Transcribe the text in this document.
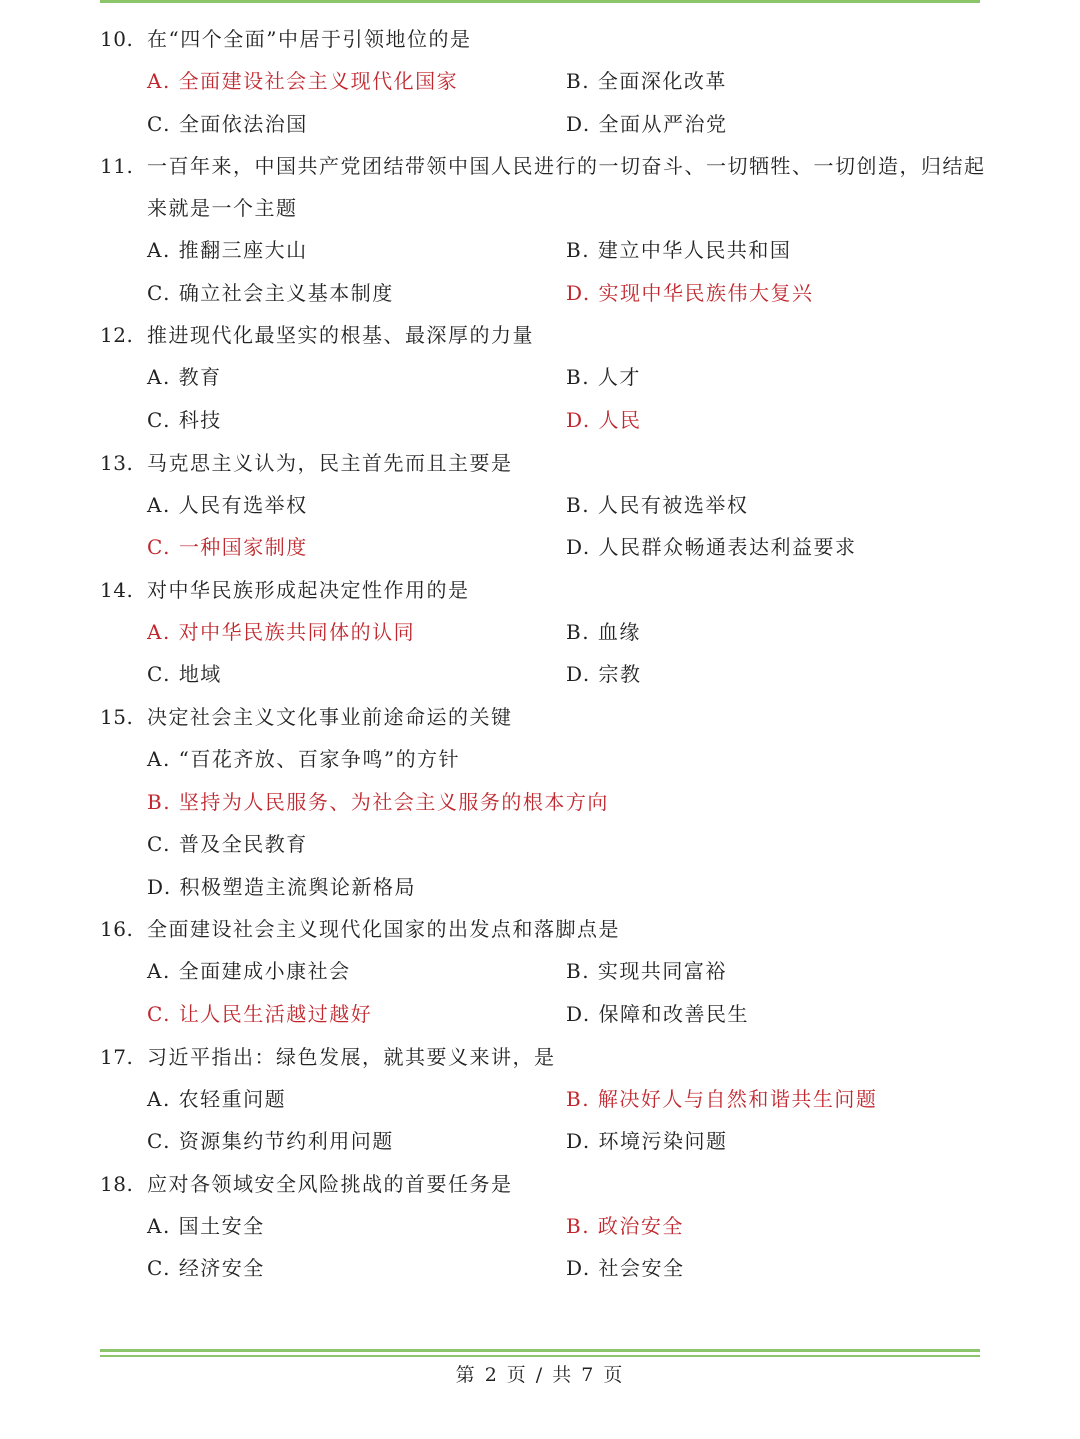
10. 在“四个全面”中居于引领地位的是
A. 全面建设社会主义现代化国家	B. 全面深化改革
C. 全面依法治国	D. 全面从严治党
11. 一百年来，中国共产党团结带领中国人民进行的一切奋斗、一切牺牲、一切创造，归结起来就是一个主题
A. 推翻三座大山	B. 建立中华人民共和国
C. 确立社会主义基本制度	D. 实现中华民族伟大复兴
12. 推进现代化最坚实的根基、最深厚的力量
A. 教育	B. 人才
C. 科技	D. 人民
13. 马克思主义认为，民主首先而且主要是
A. 人民有选举权	B. 人民有被选举权
C. 一种国家制度	D. 人民群众畅通表达利益要求
14. 对中华民族形成起决定性作用的是
A. 对中华民族共同体的认同	B. 血缘
C. 地域	D. 宗教
15. 决定社会主义文化事业前途命运的关键
A. “百花齐放、百家争鸣”的方针
B. 坚持为人民服务、为社会主义服务的根本方向
C. 普及全民教育
D. 积极塑造主流舆论新格局
16. 全面建设社会主义现代化国家的出发点和落脚点是
A. 全面建成小康社会	B. 实现共同富裕
C. 让人民生活越过越好	D. 保障和改善民生
17. 习近平指出：绿色发展，就其要义来讲，是
A. 农轻重问题	B. 解决好人与自然和谐共生问题
C. 资源集约节约利用问题	D. 环境污染问题
18. 应对各领域安全风险挑战的首要任务是
A. 国土安全	B. 政治安全
C. 经济安全	D. 社会安全
第 2 页 / 共 7 页
